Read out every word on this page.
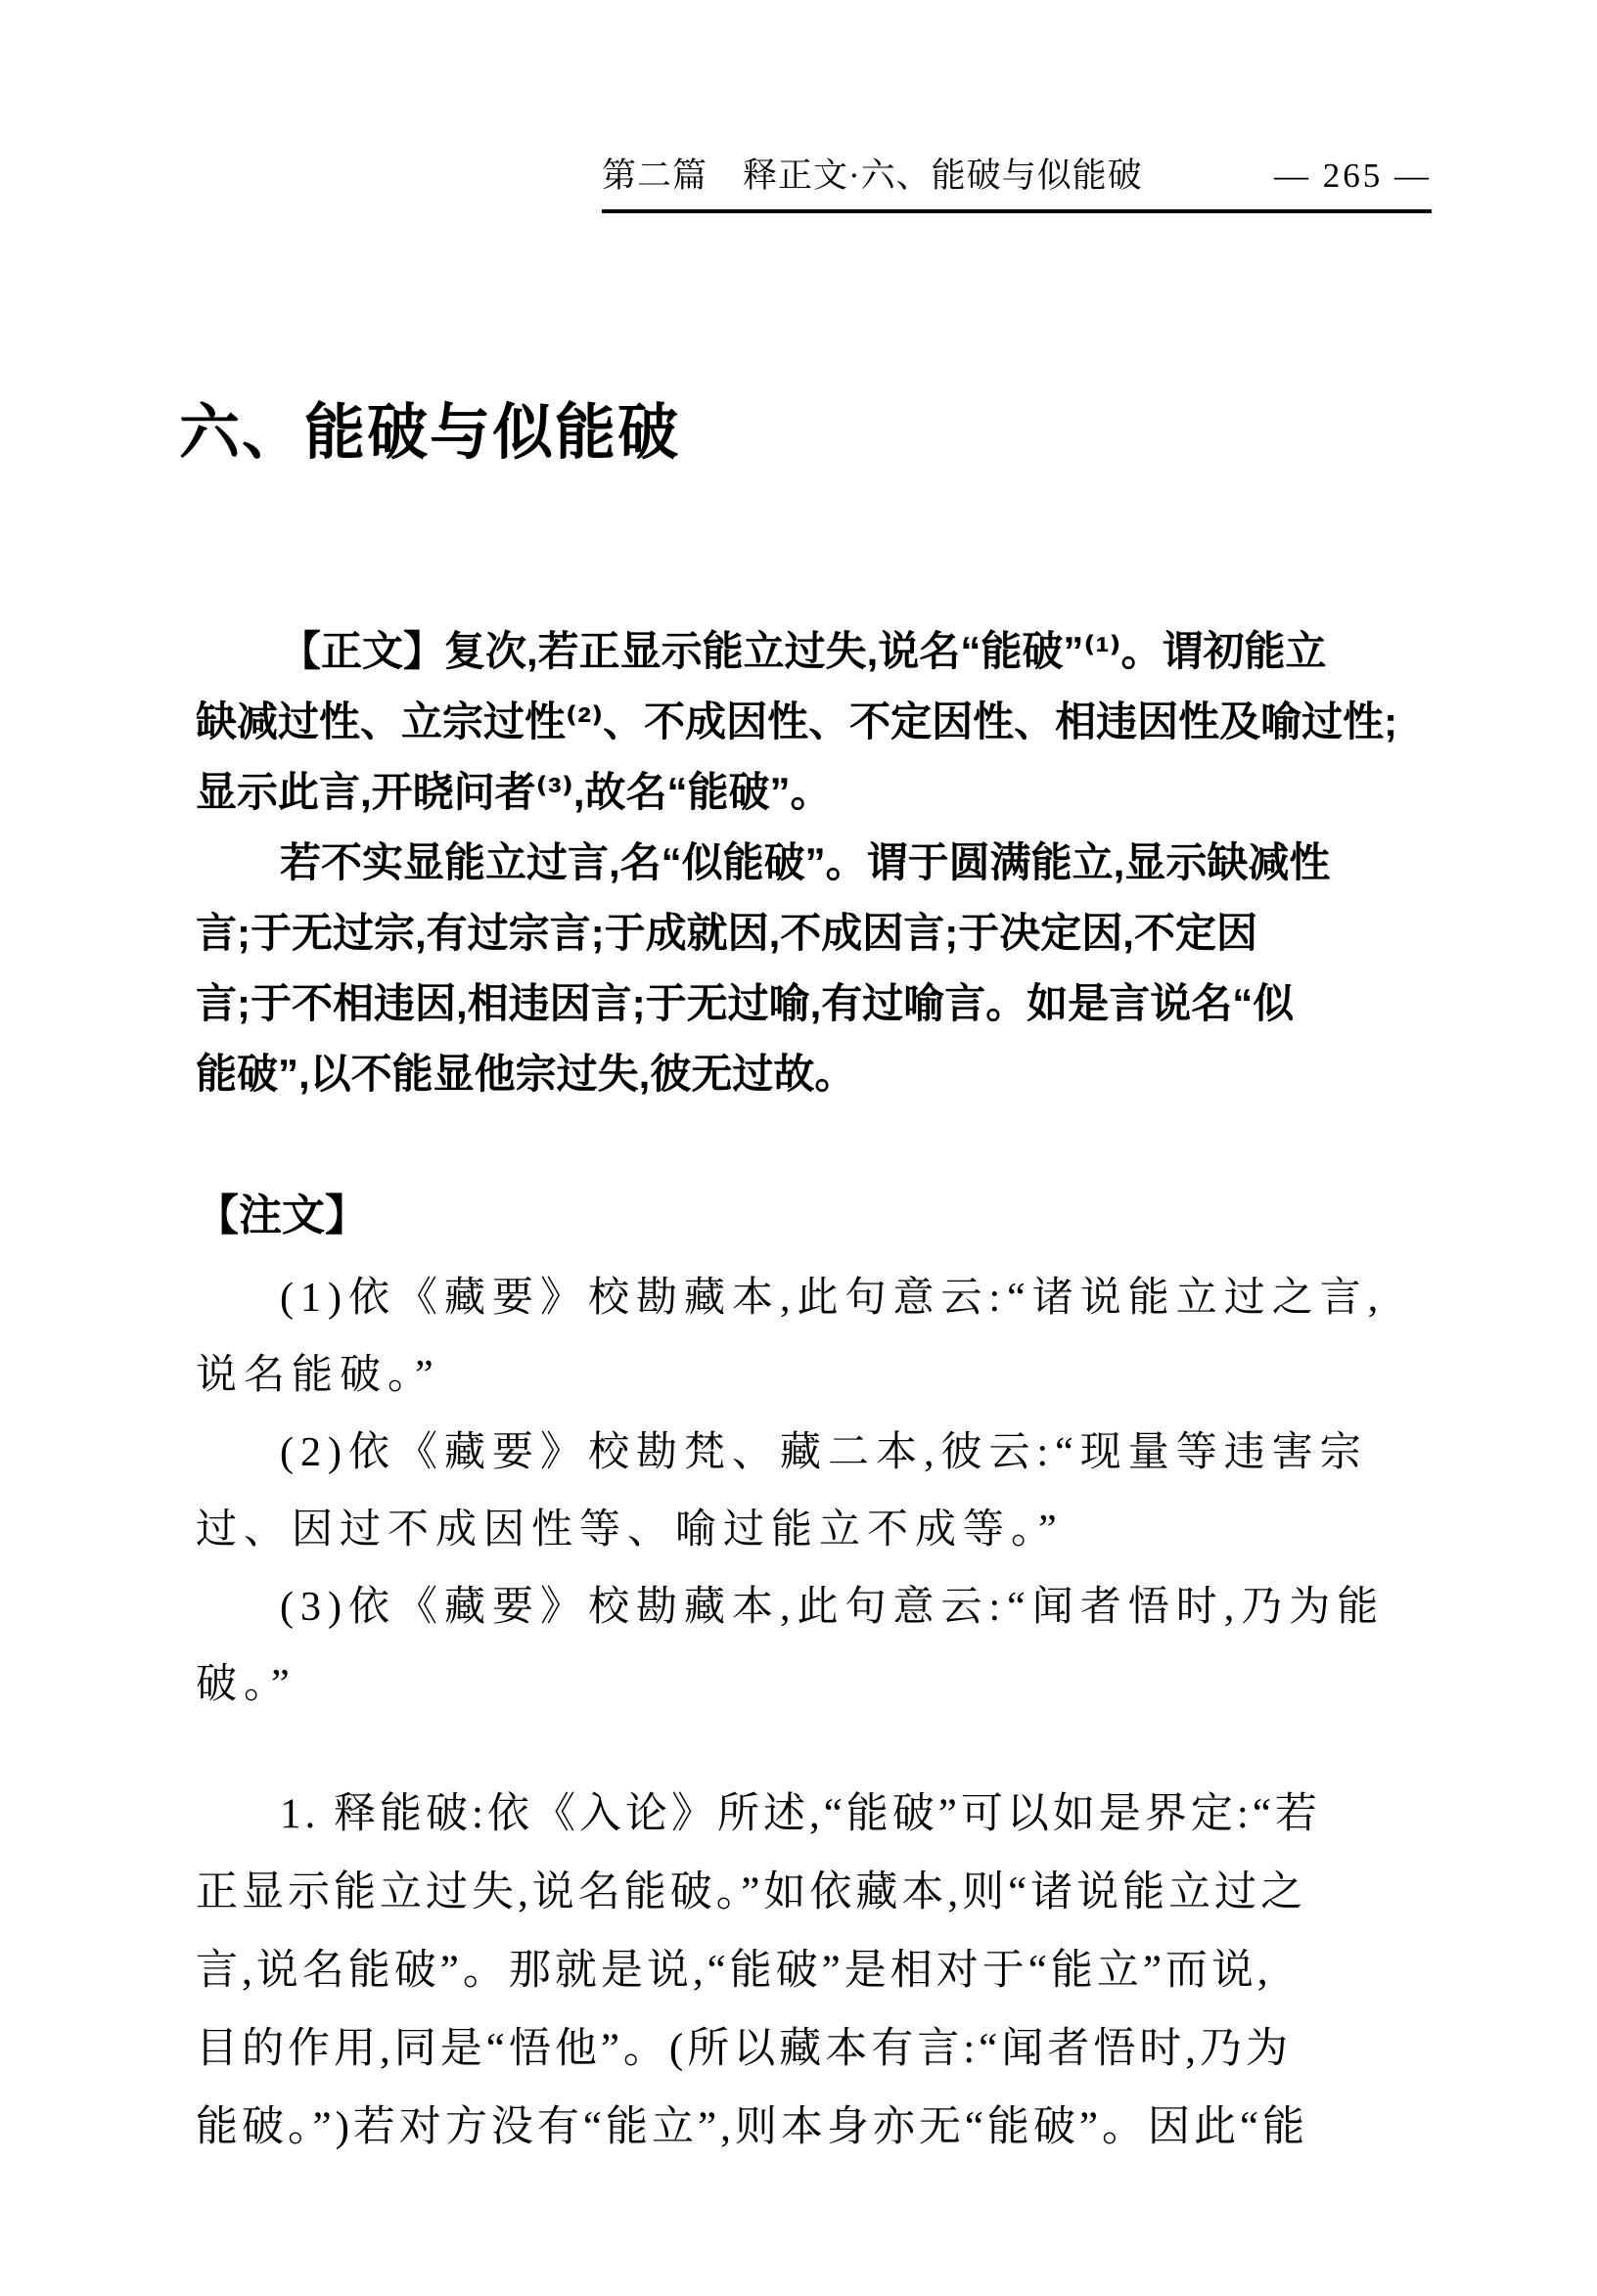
第二篇　释正文·六、能破与似能破	— 265 —
六、能破与似能破
【正文】复次,若正显示能立过失,说名“能破”⁽¹⁾。谓初能立
缺减过性、立宗过性⁽²⁾、不成因性、不定因性、相违因性及喻过性;
显示此言,开晓问者⁽³⁾,故名“能破”。
若不实显能立过言,名“似能破”。谓于圆满能立,显示缺减性
言;于无过宗,有过宗言;于成就因,不成因言;于决定因,不定因
言;于不相违因,相违因言;于无过喻,有过喻言。如是言说名“似
能破”,以不能显他宗过失,彼无过故。
【注文】
(1)依《藏要》校勘藏本,此句意云:“诸说能立过之言,
说名能破。”
(2)依《藏要》校勘梵、藏二本,彼云:“现量等违害宗
过、因过不成因性等、喻过能立不成等。”
(3)依《藏要》校勘藏本,此句意云:“闻者悟时,乃为能
破。”
1. 释能破:依《入论》所述,“能破”可以如是界定:“若
正显示能立过失,说名能破。”如依藏本,则“诸说能立过之
言,说名能破”。那就是说,“能破”是相对于“能立”而说,
目的作用,同是“悟他”。(所以藏本有言:“闻者悟时,乃为
能破。”)若对方没有“能立”,则本身亦无“能破”。因此“能
